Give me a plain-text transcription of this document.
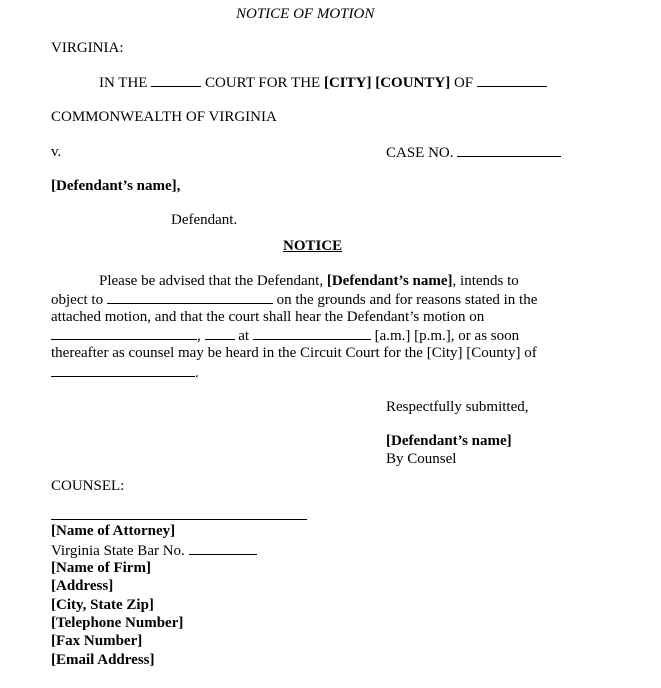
NOTICE OF MOTION
VIRGINIA:
IN THE	COURT FOR THE [CITY] [COUNTY] OF
COMMONWEALTH OF VIRGINIA
v.	CASE NO.
[Defendant’s name],
Defendant.
NOTICE
Please be advised that the Defendant, [Defendant’s name], intends to
object to	on the grounds and for reasons stated in the
attached motion, and that the court shall hear the Defendant’s motion on
,	at	[a.m.] [p.m.], or as soon
thereafter as counsel may be heard in the Circuit Court for the [City] [County] of
.
Respectfully submitted,
[Defendant’s name]
By Counsel
COUNSEL:
[Name of Attorney]
Virginia State Bar No.
[Name of Firm]
[Address]
[City, State Zip]
[Telephone Number]
[Fax Number]
[Email Address]
